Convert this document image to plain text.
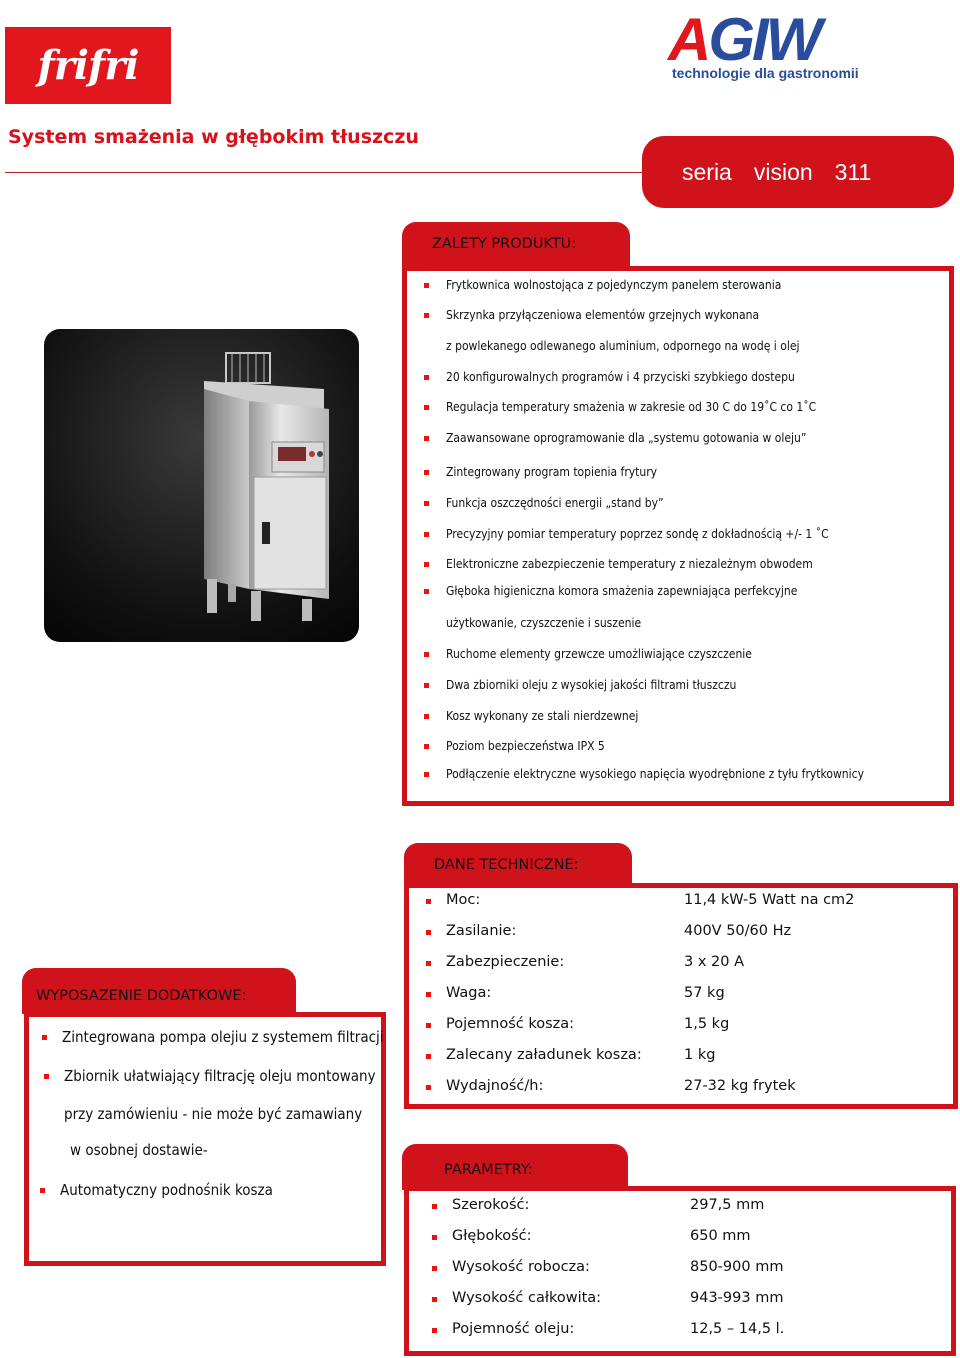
frifri	AGIW
technologie dla gastronomii
System smażenia w głębokim tłuszczu
seria vision 311
ZALETY PRODUKTU:
Frytkownica wolnostojąca z pojedynczym panelem sterowania
Skrzynka przyłączeniowa elementów grzejnych wykonana
z powlekanego odlewanego aluminium, odpornego na wodę i olej
20 konfigurowalnych programów i 4 przyciski szybkiego dostepu
Regulacja temperatury smażenia w zakresie od 30 C do 19˚C co 1˚C
Zaawansowane oprogramowanie dla „systemu gotowania w oleju”
Zintegrowany program topienia frytury
Funkcja oszczędności energii „stand by”
Precyzyjny pomiar temperatury poprzez sondę z dokładnością +/- 1 ˚C
Elektroniczne zabezpieczenie temperatury z niezależnym obwodem
Głęboka higieniczna komora smażenia zapewniająca perfekcyjne
użytkowanie, czyszczenie i suszenie
Ruchome elementy grzewcze umożliwiające czyszczenie
Dwa zbiorniki oleju z wysokiej jakości filtrami tłuszczu
Kosz wykonany ze stali nierdzewnej
Poziom bezpieczeństwa IPX 5
Podłączenie elektryczne wysokiego napięcia wyodrębnione z tyłu frytkownicy
DANE TECHNICZNE:
Moc:	11,4 kW-5 Watt na cm2
Zasilanie:	400V 50/60 Hz
Zabezpieczenie:	3 x 20 A
Waga:	57 kg
Pojemność kosza:	1,5 kg
Zalecany załadunek kosza:	1 kg
Wydajność/h:	27-32 kg frytek
WYPOSAZENIE DODATKOWE:
Zintegrowana pompa olejiu z systemem filtracji
Zbiornik ułatwiający filtrację oleju montowany
przy zamówieniu - nie może być zamawiany
w osobnej dostawie-
Automatyczny podnośnik kosza
PARAMETRY:
Szerokość:	297,5 mm
Głębokość:	650 mm
Wysokość robocza:	850-900 mm
Wysokość całkowita:	943-993 mm
Pojemność oleju:	12,5 – 14,5 l.
